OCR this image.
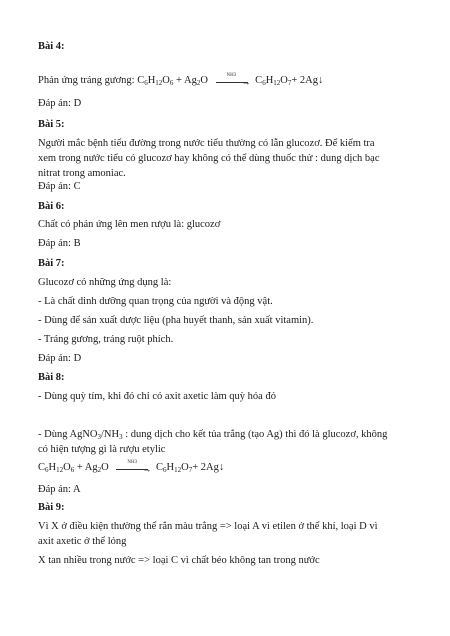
Bài 4:
Phản ứng tráng gương: $C_6H_{12}O_6 + Ag_2O$	→
NH3 $C_6H_{12}O_7+$ 2Ag↓
Đáp án: D
Bài 5:
Người mắc bệnh tiểu đường trong nước tiểu thường có lẫn glucozơ. Để kiểm tra
xem trong nước tiểu có glucozơ hay không có thể dùng thuốc thử : dung dịch bạc
nitrat trong amoniac.
Đáp án: C
Bài 6:
Chất có phản ứng lên men rượu là: glucozơ
Đáp án: B
Bài 7:
Glucozơ có những ứng dụng là:
- Là chất dinh dưỡng quan trọng của người và động vật.
- Dùng để sản xuất dược liệu (pha huyết thanh, sản xuất vitamin).
- Tráng gương, tráng ruột phích.
Đáp án: D
Bài 8:
- Dùng quỳ tím, khi đó chỉ có axit axetic làm quỳ hóa đỏ
- Dùng $AgNO_3/NH_3$ : dung dịch cho kết tủa trắng (tạo Ag) thì đó là glucozơ, không
có hiện tượng gì là rượu etylic
$C_6H_{12}O_6 + Ag_2O$	→
NH3 $C_6H_{12}O_7+$ 2Ag↓
Đáp án: A
Bài 9:
Vì X ở điều kiện thường thể rắn màu trắng => loại A vì etilen ở thể khí, loại D vì
axit axetic ở thể lỏng
X tan nhiều trong nước => loại C vì chất béo không tan trong nước
